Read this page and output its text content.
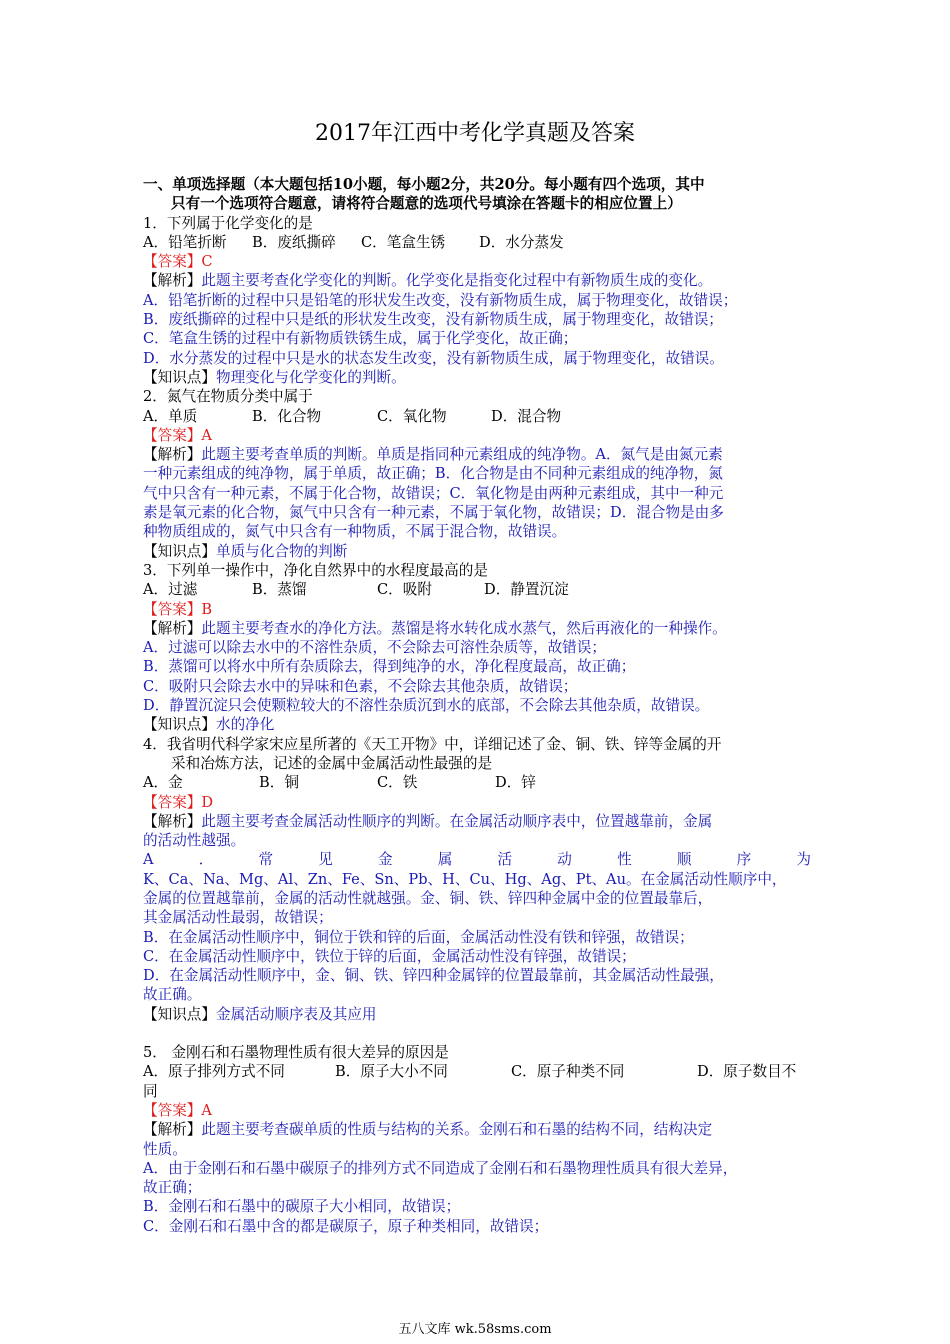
2017年江西中考化学真题及答案
一、单项选择题（本大题包括10小题，每小题2分，共20分。每小题有四个选项，其中
只有一个选项符合题意，请将符合题意的选项代号填涂在答题卡的相应位置上）
1．下列属于化学变化的是
A．铅笔折断 B．废纸撕碎 C．笔盒生锈 D．水分蒸发
【答案】C
【解析】此题主要考查化学变化的判断。化学变化是指变化过程中有新物质生成的变化。
A．铅笔折断的过程中只是铅笔的形状发生改变，没有新物质生成，属于物理变化，故错误；
B．废纸撕碎的过程中只是纸的形状发生改变，没有新物质生成，属于物理变化，故错误；
C．笔盒生锈的过程中有新物质铁锈生成，属于化学变化，故正确；
D．水分蒸发的过程中只是水的状态发生改变，没有新物质生成，属于物理变化，故错误。
【知识点】物理变化与化学变化的判断。
2．氮气在物质分类中属于
A．单质	B．化合物	C．氧化物	D．混合物
【答案】A
【解析】此题主要考查单质的判断。单质是指同种元素组成的纯净物。A．氮气是由氮元素
一种元素组成的纯净物，属于单质，故正确；B．化合物是由不同种元素组成的纯净物，氮
气中只含有一种元素，不属于化合物，故错误；C．氧化物是由两种元素组成，其中一种元
素是氧元素的化合物，氮气中只含有一种元素，不属于氧化物，故错误；D．混合物是由多
种物质组成的，氮气中只含有一种物质，不属于混合物，故错误。
【知识点】单质与化合物的判断
3．下列单一操作中，净化自然界中的水程度最高的是
A．过滤	B．蒸馏	C．吸附	D．静置沉淀
【答案】B
【解析】此题主要考查水的净化方法。蒸馏是将水转化成水蒸气，然后再液化的一种操作。
A．过滤可以除去水中的不溶性杂质，不会除去可溶性杂质等，故错误；
B．蒸馏可以将水中所有杂质除去，得到纯净的水，净化程度最高，故正确；
C．吸附只会除去水中的异味和色素，不会除去其他杂质，故错误；
D．静置沉淀只会使颗粒较大的不溶性杂质沉到水的底部，不会除去其他杂质，故错误。
【知识点】水的净化
4．我省明代科学家宋应星所著的《天工开物》中，详细记述了金、铜、铁、锌等金属的开
采和冶炼方法，记述的金属中金属活动性最强的是
A．金	B．铜	C．铁	D．锌
【答案】D
【解析】此题主要考查金属活动性顺序的判断。在金属活动顺序表中，位置越靠前，金属
的活动性越强。
A	．	常	见	金	属	活	动	性	顺	序	为
K、Ca、Na、Mg、Al、Zn、Fe、Sn、Pb、H、Cu、Hg、Ag、Pt、Au。在金属活动性顺序中，
金属的位置越靠前，金属的活动性就越强。金、铜、铁、锌四种金属中金的位置最靠后，
其金属活动性最弱，故错误；
B．在金属活动性顺序中，铜位于铁和锌的后面，金属活动性没有铁和锌强，故错误；
C．在金属活动性顺序中，铁位于锌的后面，金属活动性没有锌强，故错误；
D．在金属活动性顺序中，金、铜、铁、锌四种金属锌的位置最靠前，其金属活动性最强，
故正确。
【知识点】金属活动顺序表及其应用
5． 金刚石和石墨物理性质有很大差异的原因是
A．原子排列方式不同	B．原子大小不同	C．原子种类不同	D．原子数目不
同
【答案】A
【解析】此题主要考查碳单质的性质与结构的关系。金刚石和石墨的结构不同，结构决定
性质。
A．由于金刚石和石墨中碳原子的排列方式不同造成了金刚石和石墨物理性质具有很大差异，
故正确；
B．金刚石和石墨中的碳原子大小相同，故错误；
C．金刚石和石墨中含的都是碳原子，原子种类相同，故错误；
五八文库 wk.58sms.com
